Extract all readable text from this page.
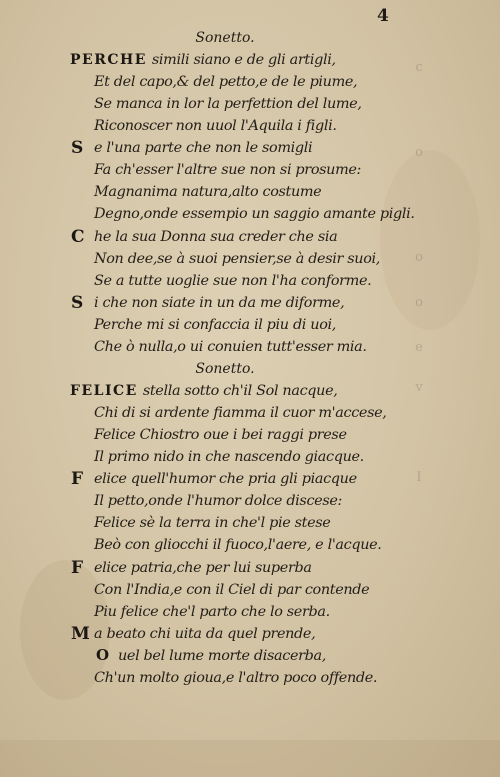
c
o
o
o
e
v
I
4
Sonetto.
PERCHE simili siano e de gli artigli,
Et del capo,& del petto,e de le piume,
Se manca in lor la perfettion del lume,
Riconoscer non uuol l'Aquila i figli.
S e l'una parte che non le somigli
Fa ch'esser l'altre sue non si prosume:
Magnanima natura,alto costume
Degno,onde essempio un saggio amante pigli.
C he la sua Donna sua creder che sia
Non dee,se à suoi pensier,se à desir suoi,
Se a tutte uoglie sue non l'ha conforme.
S i che non siate in un da me diforme,
Perche mi si confaccia il piu di uoi,
Che ò nulla,o ui conuien tutt'esser mia.
Sonetto.
FELICE stella sotto ch'il Sol nacque,
Chi di si ardente fiamma il cuor m'accese,
Felice Chiostro oue i bei raggi prese
Il primo nido in che nascendo giacque.
F elice quell'humor che pria gli piacque
Il petto,onde l'humor dolce discese:
Felice sè la terra in che'l pie stese
Beò con gliocchi il fuoco,l'aere, e l'acque.
F elice patria,che per lui superba
Con l'India,e con il Ciel di par contende
Piu felice che'l parto che lo serba.
M a beato chi uita da quel prende,
O uel bel lume morte disacerba,
Ch'un molto gioua,e l'altro poco offende.
